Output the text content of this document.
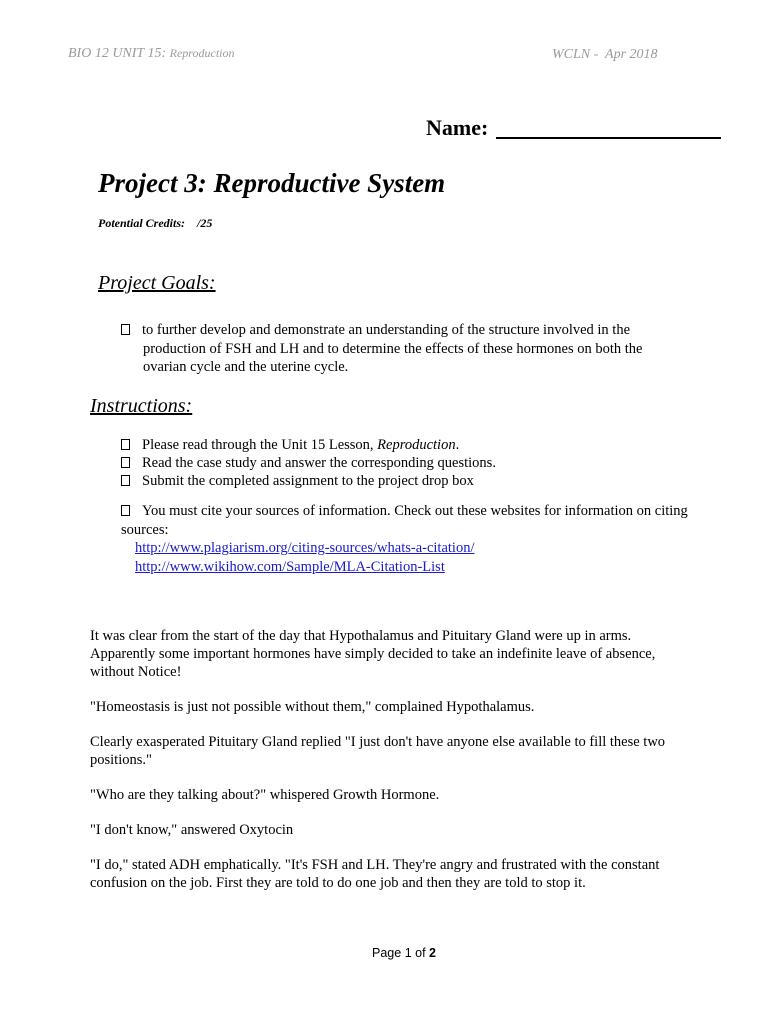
BIO 12 UNIT 15: Reproduction	WCLN -  Apr 2018
Name:
Project 3: Reproductive System
Potential Credits:    /25
Project Goals:
to further develop and demonstrate an understanding of the structure involved in the
production of FSH and LH and to determine the effects of these hormones on both the
ovarian cycle and the uterine cycle.
Instructions:
Please read through the Unit 15 Lesson, Reproduction.
Read the case study and answer the corresponding questions.
Submit the completed assignment to the project drop box
You must cite your sources of information. Check out these websites for information on citing sources:
http://www.plagiarism.org/citing-sources/whats-a-citation/
http://www.wikihow.com/Sample/MLA-Citation-List

It was clear from the start of the day that Hypothalamus and Pituitary Gland were up in arms. Apparently some important hormones have simply decided to take an indefinite leave of absence, without Notice!

"Homeostasis is just not possible without them," complained Hypothalamus.

Clearly exasperated Pituitary Gland replied "I just don't have anyone else available to fill these two positions."

"Who are they talking about?" whispered Growth Hormone.

"I don't know," answered Oxytocin

"I do," stated ADH emphatically. "It's FSH and LH. They're angry and frustrated with the constant confusion on the job. First they are told to do one job and then they are told to stop it.

Page 1 of 2
